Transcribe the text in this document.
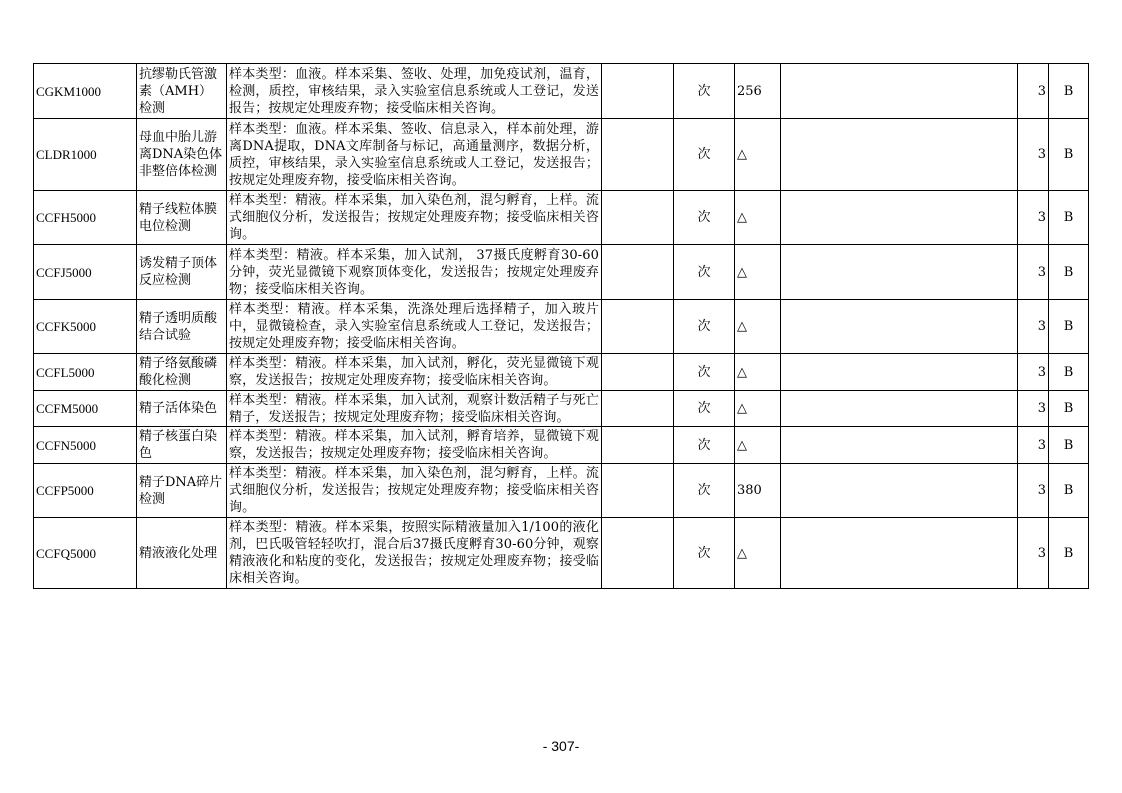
CGKM1000	抗缪勒氏管激素（AMH）检测	样本类型：血液。样本采集、签收、处理，加免疫试剂，温育，检测，质控，审核结果，录入实验室信息系统或人工登记，发送报告；按规定处理废弃物；接受临床相关咨询。		次	256		3	B
CLDR1000	母血中胎儿游离DNA染色体非整倍体检测	样本类型：血液。样本采集、签收、信息录入，样本前处理，游离DNA提取，DNA文库制备与标记，高通量测序，数据分析，质控，审核结果，录入实验室信息系统或人工登记，发送报告；按规定处理废弃物，接受临床相关咨询。		次	△		3	B
CCFH5000	精子线粒体膜电位检测	样本类型：精液。样本采集，加入染色剂，混匀孵育，上样。流式细胞仪分析，发送报告；按规定处理废弃物；接受临床相关咨询。		次	△		3	B
CCFJ5000	诱发精子顶体反应检测	样本类型：精液。样本采集，加入试剂， 37摄氏度孵育30-60分钟，荧光显微镜下观察顶体变化，发送报告；按规定处理废弃物；接受临床相关咨询。		次	△		3	B
CCFK5000	精子透明质酸结合试验	样本类型：精液。样本采集，洗涤处理后选择精子，加入玻片中，显微镜检查，录入实验室信息系统或人工登记，发送报告；按规定处理废弃物；接受临床相关咨询。		次	△		3	B
CCFL5000	精子络氨酸磷酸化检测	样本类型：精液。样本采集，加入试剂，孵化，荧光显微镜下观察，发送报告；按规定处理废弃物；接受临床相关咨询。		次	△		3	B
CCFM5000	精子活体染色	样本类型：精液。样本采集，加入试剂，观察计数活精子与死亡精子，发送报告；按规定处理废弃物；接受临床相关咨询。		次	△		3	B
CCFN5000	精子核蛋白染色	样本类型：精液。样本采集，加入试剂，孵育培养，显微镜下观察，发送报告；按规定处理废弃物；接受临床相关咨询。		次	△		3	B
CCFP5000	精子DNA碎片检测	样本类型：精液。样本采集，加入染色剂，混匀孵育，上样。流式细胞仪分析，发送报告；按规定处理废弃物；接受临床相关咨询。		次	380		3	B
CCFQ5000	精液液化处理	样本类型：精液。样本采集，按照实际精液量加入1/100的液化剂，巴氏吸管轻轻吹打，混合后37摄氏度孵育30-60分钟，观察精液液化和粘度的变化，发送报告；按规定处理废弃物；接受临床相关咨询。		次	△		3	B
- 307-
